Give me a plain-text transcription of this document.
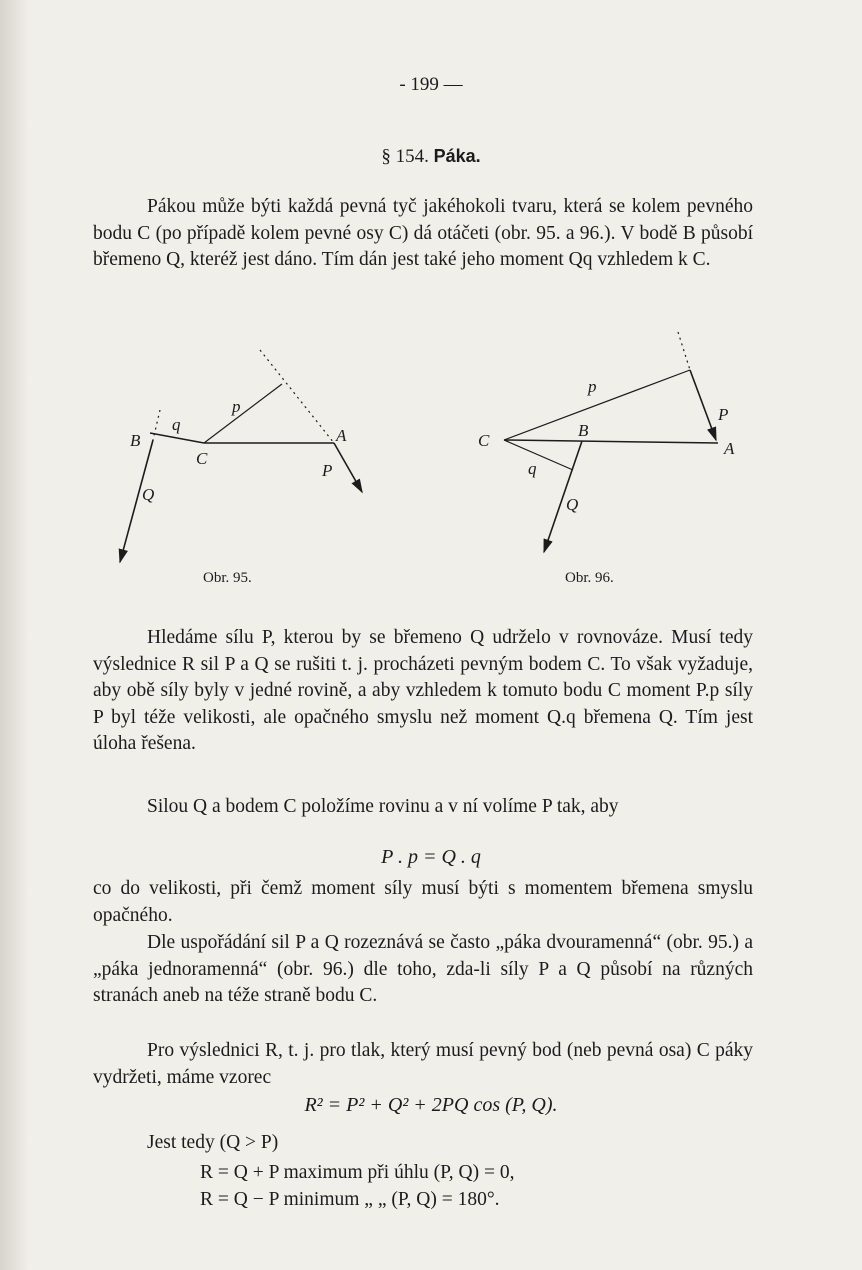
- 199 —
§ 154. Páka.
Pákou může býti každá pevná tyč jakéhokoli tvaru, která se kolem pevného bodu C (po případě kolem pevné osy C) dá otáčeti (obr. 95. a 96.). V bodě B působí břemeno Q, kteréž jest dáno. Tím dán jest také jeho moment Qq vzhledem k C.
B
q
C
p
A
P
Q
Obr. 95.
p
P
C
B
A
q
Q
Obr. 96.
Hledáme sílu P, kterou by se břemeno Q udrželo v rovnováze. Musí tedy výslednice R sil P a Q se rušiti t. j. procházeti pevným bodem C. To však vyžaduje, aby obě síly byly v jedné rovině, a aby vzhledem k tomuto bodu C moment P.p síly P byl téže velikosti, ale opačného smyslu než moment Q.q břemena Q. Tím jest úloha řešena.
Silou Q a bodem C položíme rovinu a v ní volíme P tak, aby
P . p = Q . q
co do velikosti, při čemž moment síly musí býti s momentem břemena smyslu opačného.
Dle uspořádání sil P a Q rozeznává se často „páka dvouramenná“ (obr. 95.) a „páka jednoramenná“ (obr. 96.) dle toho, zda-li síly P a Q působí na různých stranách aneb na téže straně bodu C.
Pro výslednici R, t. j. pro tlak, který musí pevný bod (neb pevná osa) C páky vydržeti, máme vzorec
R² = P² + Q² + 2PQ cos (P, Q).
Jest tedy (Q > P)
R = Q + P maximum při úhlu (P, Q) = 0,
R = Q − P minimum „ „ (P, Q) = 180°.
